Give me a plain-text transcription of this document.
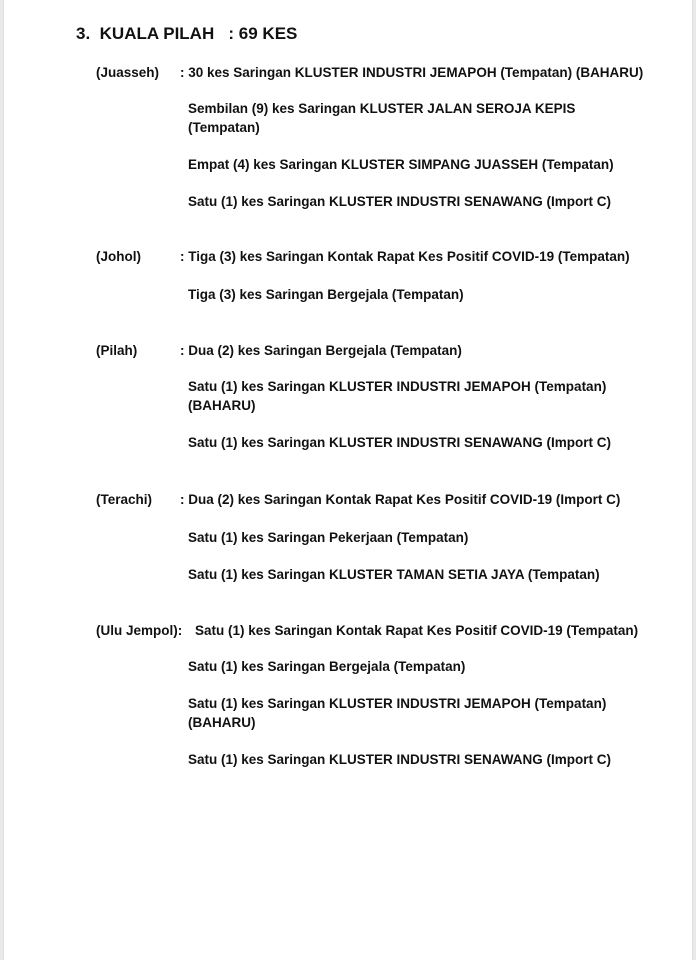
3. KUALA PILAH : 69 KES
(Juasseh) : 30 kes Saringan KLUSTER INDUSTRI JEMAPOH (Tempatan) (BAHARU)
Sembilan (9) kes Saringan KLUSTER JALAN SEROJA KEPIS
(Tempatan)
Empat (4) kes Saringan KLUSTER SIMPANG JUASSEH (Tempatan)
Satu (1) kes Saringan KLUSTER INDUSTRI SENAWANG (Import C)
(Johol)	: Tiga (3) kes Saringan Kontak Rapat Kes Positif COVID-19 (Tempatan)
Tiga (3) kes Saringan Bergejala (Tempatan)
(Pilah)	: Dua (2) kes Saringan Bergejala (Tempatan)
Satu (1) kes Saringan KLUSTER INDUSTRI JEMAPOH (Tempatan)
(BAHARU)
Satu (1) kes Saringan KLUSTER INDUSTRI SENAWANG (Import C)
(Terachi) : Dua (2) kes Saringan Kontak Rapat Kes Positif COVID-19 (Import C)
Satu (1) kes Saringan Pekerjaan (Tempatan)
Satu (1) kes Saringan KLUSTER TAMAN SETIA JAYA (Tempatan)
(Ulu Jempol): Satu (1) kes Saringan Kontak Rapat Kes Positif COVID-19 (Tempatan)
Satu (1) kes Saringan Bergejala (Tempatan)
Satu (1) kes Saringan KLUSTER INDUSTRI JEMAPOH (Tempatan)
(BAHARU)
Satu (1) kes Saringan KLUSTER INDUSTRI SENAWANG (Import C)
